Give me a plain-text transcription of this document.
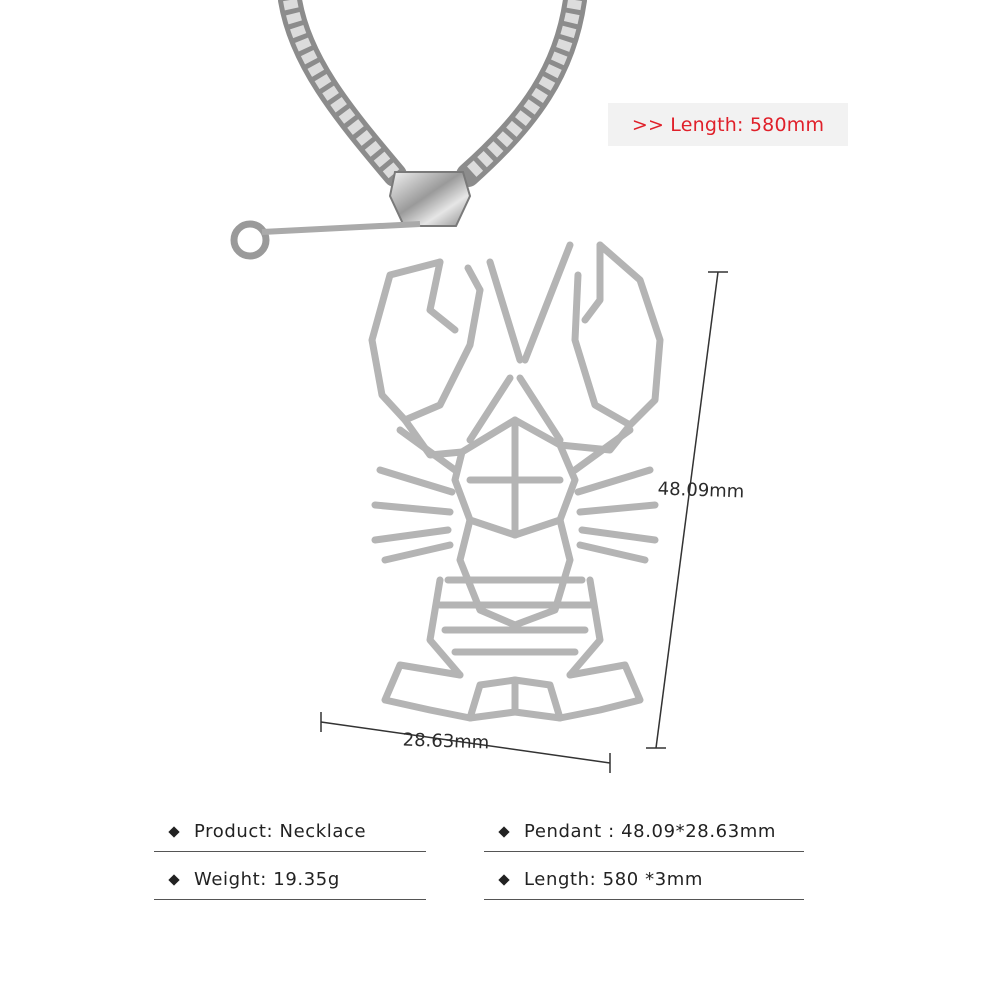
>> Length: 580mm
28.63mm
48.09mm
Product: Necklace	Pendant : 48.09*28.63mm
Weight: 19.35g	Length: 580 *3mm
